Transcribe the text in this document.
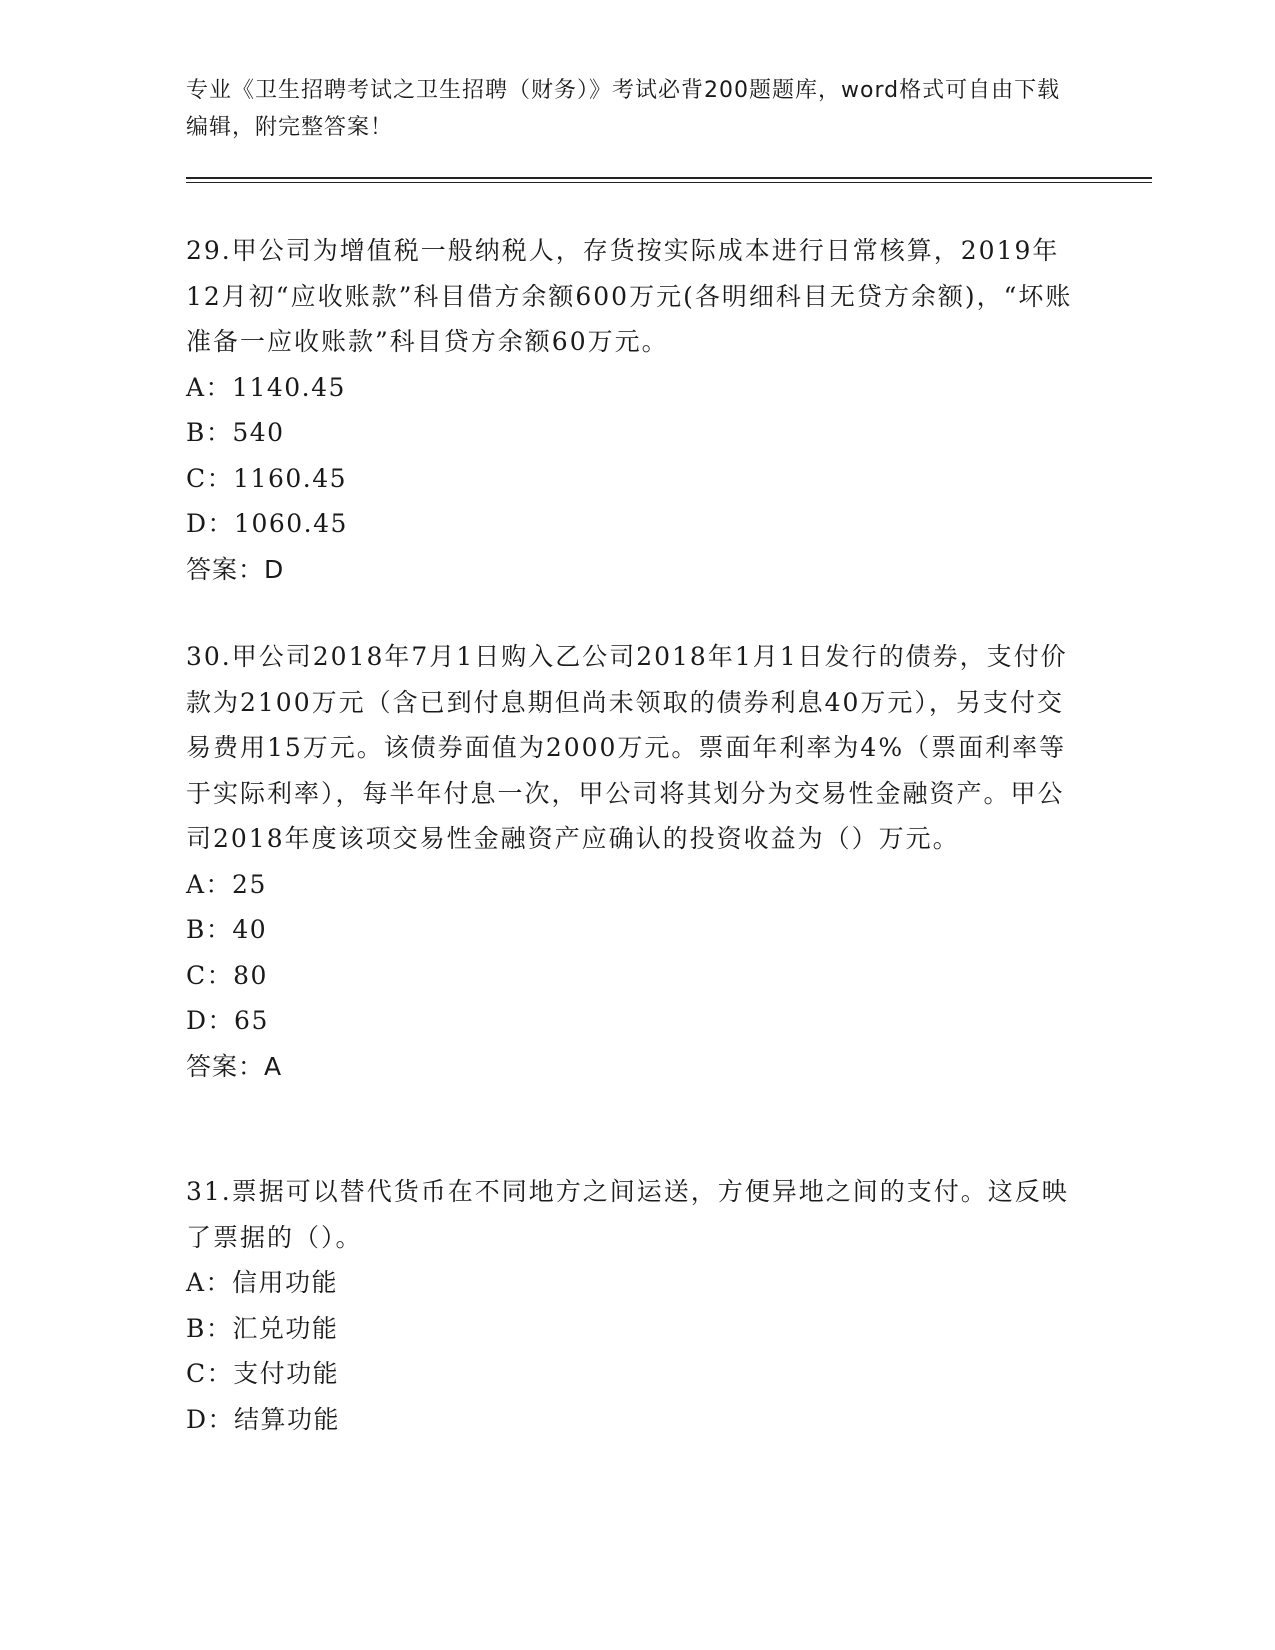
专业《卫生招聘考试之卫生招聘（财务）》考试必背200题题库，word格式可自由下载编辑，附完整答案！

29.甲公司为增值税一般纳税人，存货按实际成本进行日常核算，2019年12月初“应收账款”科目借方余额600万元(各明细科目无贷方余额)，“坏账准备一应收账款”科目贷方余额60万元。

A：1140.45
B：540
C：1160.45
D：1060.45
答案：D

30.甲公司2018年7月1日购入乙公司2018年1月1日发行的债券，支付价款为2100万元（含已到付息期但尚未领取的债券利息40万元），另支付交易费用15万元。该债券面值为2000万元。票面年利率为4%（票面利率等于实际利率），每半年付息一次，甲公司将其划分为交易性金融资产。甲公司2018年度该项交易性金融资产应确认的投资收益为（）万元。

A：25
B：40
C：80
D：65
答案：A

31.票据可以替代货币在不同地方之间运送，方便异地之间的支付。这反映了票据的（）。

A：信用功能
B：汇兑功能
C：支付功能
D：结算功能
